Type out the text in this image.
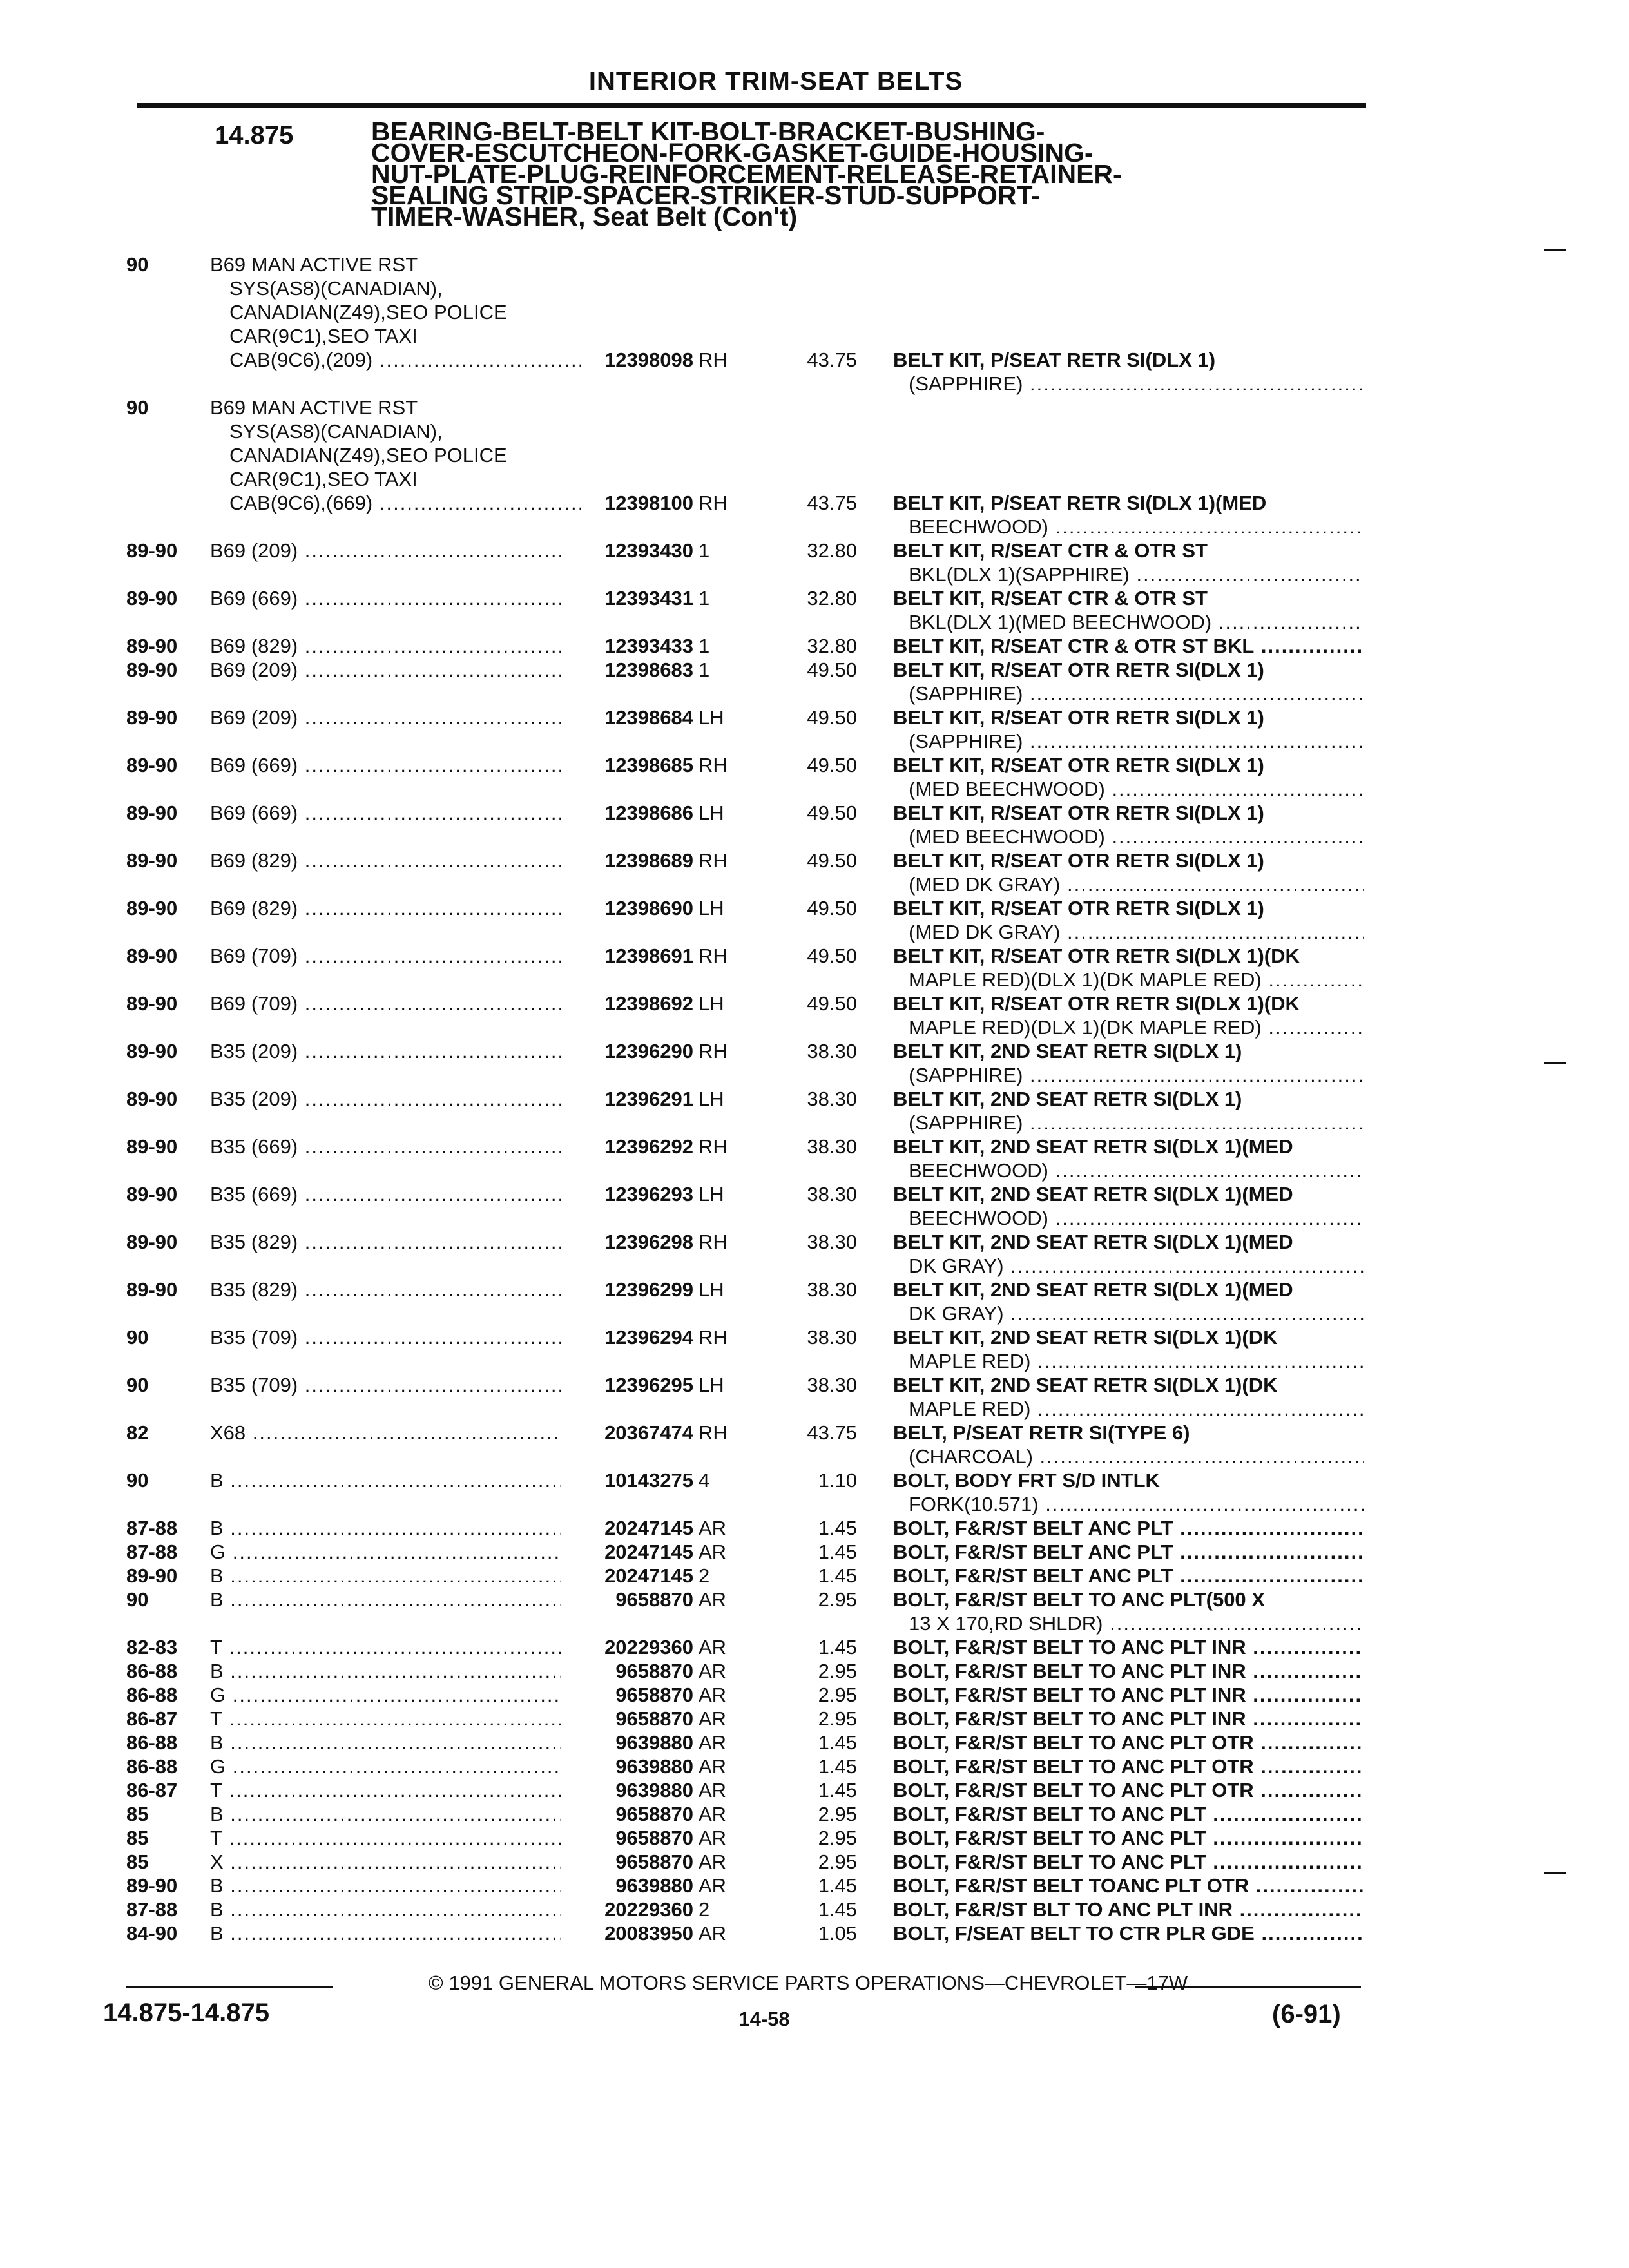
INTERIOR TRIM-SEAT BELTS
14.875	BEARING-BELT-BELT KIT-BOLT-BRACKET-BUSHING-
COVER-ESCUTCHEON-FORK-GASKET-GUIDE-HOUSING-
NUT-PLATE-PLUG-REINFORCEMENT-RELEASE-RETAINER-
SEALING STRIP-SPACER-STRIKER-STUD-SUPPORT-
TIMER-WASHER, Seat Belt (Con't)
90	B69 MAN ACTIVE RST
SYS(AS8)(CANADIAN),
CANADIAN(Z49),SEO POLICE
CAR(9C1),SEO TAXI
CAB(9C6),(209) .....	12398098 RH	43.75 BELT KIT, P/SEAT RETR SI(DLX 1)
(SAPPHIRE) .....
90	B69 MAN ACTIVE RST
SYS(AS8)(CANADIAN),
CANADIAN(Z49),SEO POLICE
CAR(9C1),SEO TAXI
CAB(9C6),(669) .....	12398100 RH	43.75 BELT KIT, P/SEAT RETR SI(DLX 1)(MED
BEECHWOOD) .....
89-90 B69 (209) .....	12393430 1	32.80 BELT KIT, R/SEAT CTR & OTR ST
BKL(DLX 1)(SAPPHIRE) .....
89-90 B69 (669) .....	12393431 1	32.80 BELT KIT, R/SEAT CTR & OTR ST
BKL(DLX 1)(MED BEECHWOOD) .....
89-90 B69 (829) .....	12393433 1	32.80 BELT KIT, R/SEAT CTR & OTR ST BKL .....
89-90 B69 (209) .....	12398683 1	49.50 BELT KIT, R/SEAT OTR RETR SI(DLX 1)
(SAPPHIRE) .....
89-90 B69 (209) .....	12398684 LH	49.50 BELT KIT, R/SEAT OTR RETR SI(DLX 1)
(SAPPHIRE) .....
89-90 B69 (669) .....	12398685 RH	49.50 BELT KIT, R/SEAT OTR RETR SI(DLX 1)
(MED BEECHWOOD) .....
89-90 B69 (669) .....	12398686 LH	49.50 BELT KIT, R/SEAT OTR RETR SI(DLX 1)
(MED BEECHWOOD) .....
89-90 B69 (829) .....	12398689 RH	49.50 BELT KIT, R/SEAT OTR RETR SI(DLX 1)
(MED DK GRAY) .....
89-90 B69 (829) .....	12398690 LH	49.50 BELT KIT, R/SEAT OTR RETR SI(DLX 1)
(MED DK GRAY) .....
89-90 B69 (709) .....	12398691 RH	49.50 BELT KIT, R/SEAT OTR RETR SI(DLX 1)(DK
MAPLE RED)(DLX 1)(DK MAPLE RED) .....
89-90 B69 (709) .....	12398692 LH	49.50 BELT KIT, R/SEAT OTR RETR SI(DLX 1)(DK
MAPLE RED)(DLX 1)(DK MAPLE RED) .....
89-90 B35 (209) .....	12396290 RH	38.30 BELT KIT, 2ND SEAT RETR SI(DLX 1)
(SAPPHIRE) .....
89-90 B35 (209) .....	12396291 LH	38.30 BELT KIT, 2ND SEAT RETR SI(DLX 1)
(SAPPHIRE) .....
89-90 B35 (669) .....	12396292 RH	38.30 BELT KIT, 2ND SEAT RETR SI(DLX 1)(MED
BEECHWOOD) .....
89-90 B35 (669) .....	12396293 LH	38.30 BELT KIT, 2ND SEAT RETR SI(DLX 1)(MED
BEECHWOOD) .....
89-90 B35 (829) .....	12396298 RH	38.30 BELT KIT, 2ND SEAT RETR SI(DLX 1)(MED
DK GRAY) .....
89-90 B35 (829) .....	12396299 LH	38.30 BELT KIT, 2ND SEAT RETR SI(DLX 1)(MED
DK GRAY) .....
90	B35 (709) .....	12396294 RH	38.30 BELT KIT, 2ND SEAT RETR SI(DLX 1)(DK
MAPLE RED) .....
90	B35 (709) .....	12396295 LH	38.30 BELT KIT, 2ND SEAT RETR SI(DLX 1)(DK
MAPLE RED) .....
82	X68 .....	20367474 RH	43.75 BELT, P/SEAT RETR SI(TYPE 6)
(CHARCOAL) .....
90	B .....	10143275 4	1.10 BOLT, BODY FRT S/D INTLK
FORK(10.571) .....
87-88 B .....	20247145 AR	1.45 BOLT, F&R/ST BELT ANC PLT .....
87-88 G .....	20247145 AR	1.45 BOLT, F&R/ST BELT ANC PLT .....
89-90 B .....	20247145 2	1.45 BOLT, F&R/ST BELT ANC PLT .....
90	B .....	9658870 AR	2.95 BOLT, F&R/ST BELT TO ANC PLT(500 X
13 X 170,RD SHLDR) .....
82-83 T .....	20229360 AR	1.45 BOLT, F&R/ST BELT TO ANC PLT INR .....
86-88 B .....	9658870 AR	2.95 BOLT, F&R/ST BELT TO ANC PLT INR .....
86-88 G .....	9658870 AR	2.95 BOLT, F&R/ST BELT TO ANC PLT INR .....
86-87 T .....	9658870 AR	2.95 BOLT, F&R/ST BELT TO ANC PLT INR .....
86-88 B .....	9639880 AR	1.45 BOLT, F&R/ST BELT TO ANC PLT OTR .....
86-88 G .....	9639880 AR	1.45 BOLT, F&R/ST BELT TO ANC PLT OTR .....
86-87 T .....	9639880 AR	1.45 BOLT, F&R/ST BELT TO ANC PLT OTR .....
85	B .....	9658870 AR	2.95 BOLT, F&R/ST BELT TO ANC PLT .....
85	T .....	9658870 AR	2.95 BOLT, F&R/ST BELT TO ANC PLT .....
85	X .....	9658870 AR	2.95 BOLT, F&R/ST BELT TO ANC PLT .....
89-90 B .....	9639880 AR	1.45 BOLT, F&R/ST BELT TOANC PLT OTR .....
87-88 B .....	20229360 2	1.45 BOLT, F&R/ST BLT TO ANC PLT INR .....
84-90 B .....	20083950 AR	1.05 BOLT, F/SEAT BELT TO CTR PLR GDE .....
© 1991 GENERAL MOTORS SERVICE PARTS OPERATIONS—CHEVROLET—17W
14.875-14.875	14-58	(6-91)
